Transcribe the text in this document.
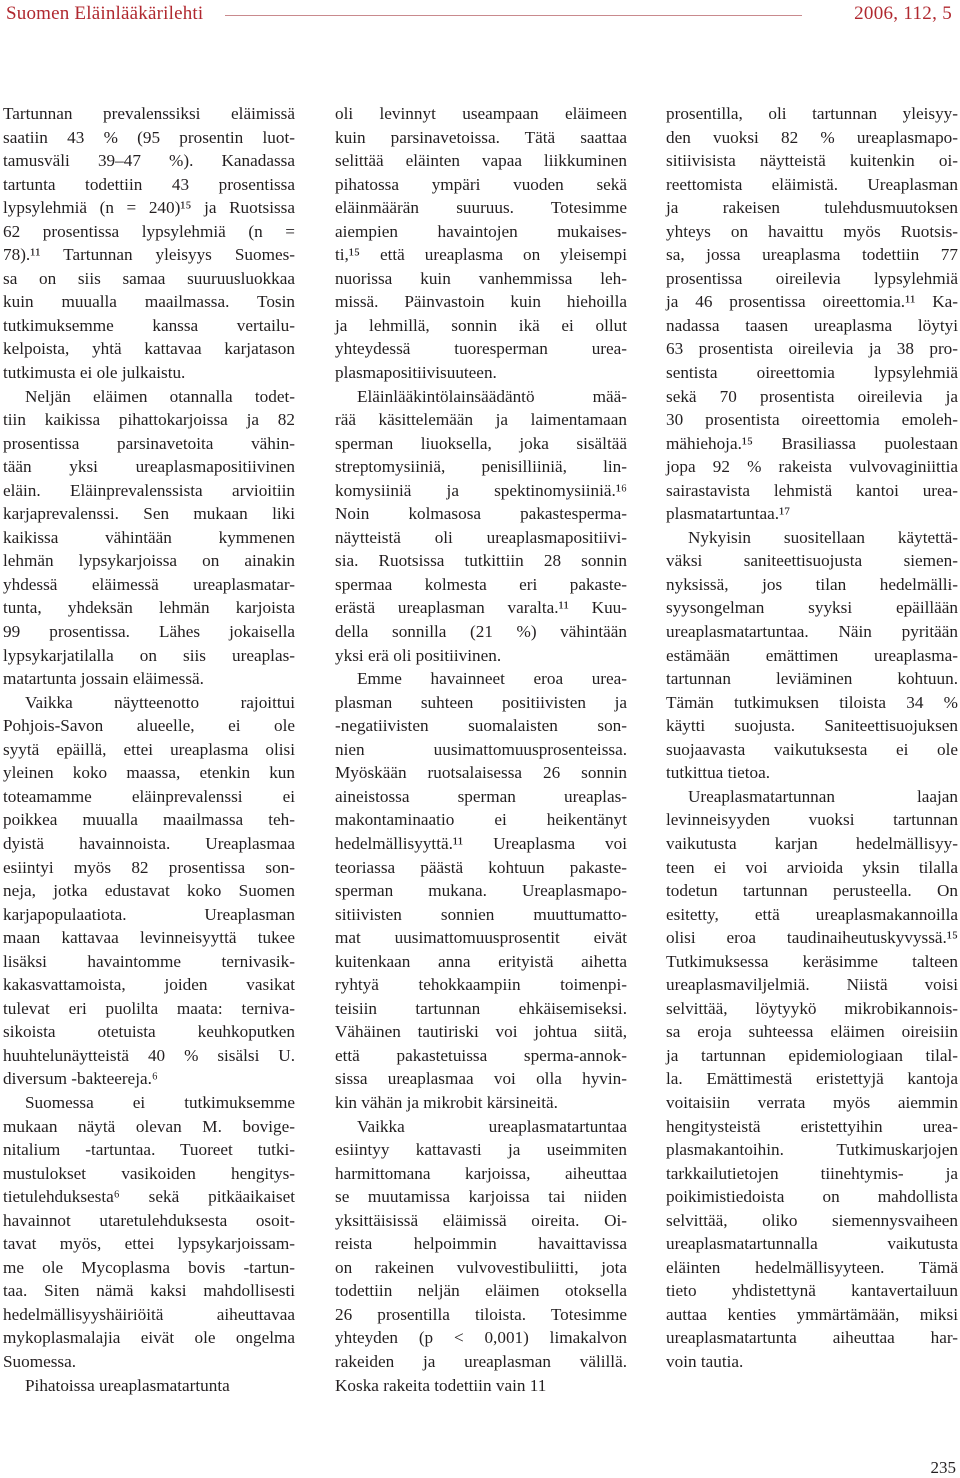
Suomen Eläinlääkärilehti	2006, 112, 5

Tartunnan prevalenssiksi eläimissä
saatiin 43 % (95 prosentin luot-
tamusväli 39–47 %). Kanadassa
tartunta todettiin 43 prosentissa
lypsylehmiä (n = 240)¹⁵ ja Ruotsissa
62 prosentissa lypsylehmiä (n =
78).¹¹ Tartunnan yleisyys Suomes-
sa on siis samaa suuruusluokkaa
kuin muualla maailmassa. Tosin
tutkimuksemme kanssa vertailu-
kelpoista, yhtä kattavaa karjatason
tutkimusta ei ole julkaistu.

Neljän eläimen otannalla todet-
tiin kaikissa pihattokarjoissa ja 82
prosentissa parsinavetoita vähin-
tään yksi ureaplasmapositiivinen
eläin. Eläinprevalenssista arvioitiin
karjaprevalenssi. Sen mukaan liki
kaikissa vähintään kymmenen
lehmän lypsykarjoissa on ainakin
yhdessä eläimessä ureaplasmatar-
tunta, yhdeksän lehmän karjoista
99 prosentissa. Lähes jokaisella
lypsykarjatilalla on siis ureaplas-
matartunta jossain eläimessä.

Vaikka näytteenotto rajoittui
Pohjois-Savon alueelle, ei ole
syytä epäillä, ettei ureaplasma olisi
yleinen koko maassa, etenkin kun
toteamamme eläinprevalenssi ei
poikkea muualla maailmassa teh-
dyistä havainnoista. Ureaplasmaa
esiintyi myös 82 prosentissa son-
neja, jotka edustavat koko Suomen
karjapopulaatiota. Ureaplasman
maan kattavaa levinneisyyttä tukee
lisäksi havaintomme ternivasik-
kakasvattamoista, joiden vasikat
tulevat eri puolilta maata: terniva-
sikoista otetuista keuhkoputken
huuhtelunäytteistä 40 % sisälsi U.
diversum -bakteereja.⁶

Suomessa ei tutkimuksemme
mukaan näytä olevan M. bovige-
nitalium -tartuntaa. Tuoreet tutki-
mustulokset vasikoiden hengitys-
tietulehduksesta⁶ sekä pitkäaikaiset
havainnot utaretulehduksesta osoit-
tavat myös, ettei lypsykarjoissam-
me ole Mycoplasma bovis -tartun-
taa. Siten nämä kaksi mahdollisesti
hedelmällisyyshäiriöitä aiheuttavaa
mykoplasmalajia eivät ole ongelma
Suomessa.

Pihatoissa ureaplasmatartunta

oli levinnyt useampaan eläimeen
kuin parsinavetoissa. Tätä saattaa
selittää eläinten vapaa liikkuminen
pihatossa ympäri vuoden sekä
eläinmäärän suuruus. Totesimme
aiempien havaintojen mukaises-
ti,¹⁵ että ureaplasma on yleisempi
nuorissa kuin vanhemmissa leh-
missä. Päinvastoin kuin hiehoilla
ja lehmillä, sonnin ikä ei ollut
yhteydessä tuoresperman urea-
plasmapositiivisuuteen.

Eläinlääkintölainsäädäntö mää-
rää käsittelemään ja laimentamaan
sperman liuoksella, joka sisältää
streptomysiiniä, penisilliiniä, lin-
komysiiniä ja spektinomysiiniä.¹⁶
Noin kolmasosa pakastesperma-
näytteistä oli ureaplasmapositiivi-
sia. Ruotsissa tutkittiin 28 sonnin
spermaa kolmesta eri pakaste-
erästä ureaplasman varalta.¹¹ Kuu-
della sonnilla (21 %) vähintään
yksi erä oli positiivinen.

Emme havainneet eroa urea-
plasman suhteen positiivisten ja
-negatiivisten suomalaisten son-
nien uusimattomuusprosenteissa.
Myöskään ruotsalaisessa 26 sonnin
aineistossa sperman ureaplas-
makontaminaatio ei heikentänyt
hedelmällisyyttä.¹¹ Ureaplasma voi
teoriassa päästä kohtuun pakaste-
sperman mukana. Ureaplasmapo-
sitiivisten sonnien muuttumatto-
mat uusimattomuusprosentit eivät
kuitenkaan anna erityistä aihetta
ryhtyä tehokkaampiin toimenpi-
teisiin tartunnan ehkäisemiseksi.
Vähäinen tautiriski voi johtua siitä,
että pakastetuissa sperma-annok-
sissa ureaplasmaa voi olla hyvin-
kin vähän ja mikrobit kärsineitä.

Vaikka ureaplasmatartuntaa
esiintyy kattavasti ja useimmiten
harmittomana karjoissa, aiheuttaa
se muutamissa karjoissa tai niiden
yksittäisissä eläimissä oireita. Oi-
reista helpoimmin havaittavissa
on rakeinen vulvovestibuliitti, jota
todettiin neljän eläimen otoksella
26 prosentilla tiloista. Totesimme
yhteyden (p < 0,001) limakalvon
rakeiden ja ureaplasman välillä.
Koska rakeita todettiin vain 11

prosentilla, oli tartunnan yleisyy-
den vuoksi 82 % ureaplasmapo-
sitiivisista näytteistä kuitenkin oi-
reettomista eläimistä. Ureaplasman
ja rakeisen tulehdusmuutoksen
yhteys on havaittu myös Ruotsis-
sa, jossa ureaplasma todettiin 77
prosentissa oireilevia lypsylehmiä
ja 46 prosentissa oireettomia.¹¹ Ka-
nadassa taasen ureaplasma löytyi
63 prosentista oireilevia ja 38 pro-
sentista oireettomia lypsylehmiä
sekä 70 prosentista oireilevia ja
30 prosentista oireettomia emoleh-
mähiehoja.¹⁵ Brasiliassa puolestaan
jopa 92 % rakeista vulvovaginiittia
sairastavista lehmistä kantoi urea-
plasmatartuntaa.¹⁷

Nykyisin suositellaan käytettä-
väksi saniteettisuojusta siemen-
nyksissä, jos tilan hedelmälli-
syysongelman syyksi epäillään
ureaplasmatartuntaa. Näin pyritään
estämään emättimen ureaplasma-
tartunnan leviäminen kohtuun.
Tämän tutkimuksen tiloista 34 %
käytti suojusta. Saniteettisuojuksen
suojaavasta vaikutuksesta ei ole
tutkittua tietoa.

Ureaplasmatartunnan laajan
levinneisyyden vuoksi tartunnan
vaikutusta karjan hedelmällisyy-
teen ei voi arvioida yksin tilalla
todetun tartunnan perusteella. On
esitetty, että ureaplasmakannoilla
olisi eroa taudinaiheutuskyvyssä.¹⁵
Tutkimuksessa keräsimme talteen
ureaplasmaviljelmiä. Niistä voisi
selvittää, löytyykö mikrobikannois-
sa eroja suhteessa eläimen oireisiin
ja tartunnan epidemiologiaan tilal-
la. Emättimestä eristettyjä kantoja
voitaisiin verrata myös aiemmin
hengitysteistä eristettyihin urea-
plasmakantoihin. Tutkimuskarjojen
tarkkailutietojen tiinehtymis- ja
poikimistiedoista on mahdollista
selvittää, oliko siemennysvaiheen
ureaplasmatartunnalla vaikutusta
eläinten hedelmällisyyteen. Tämä
tieto yhdistettynä kantavertailuun
auttaa kenties ymmärtämään, miksi
ureaplasmatartunta aiheuttaa har-
voin tautia.

235
